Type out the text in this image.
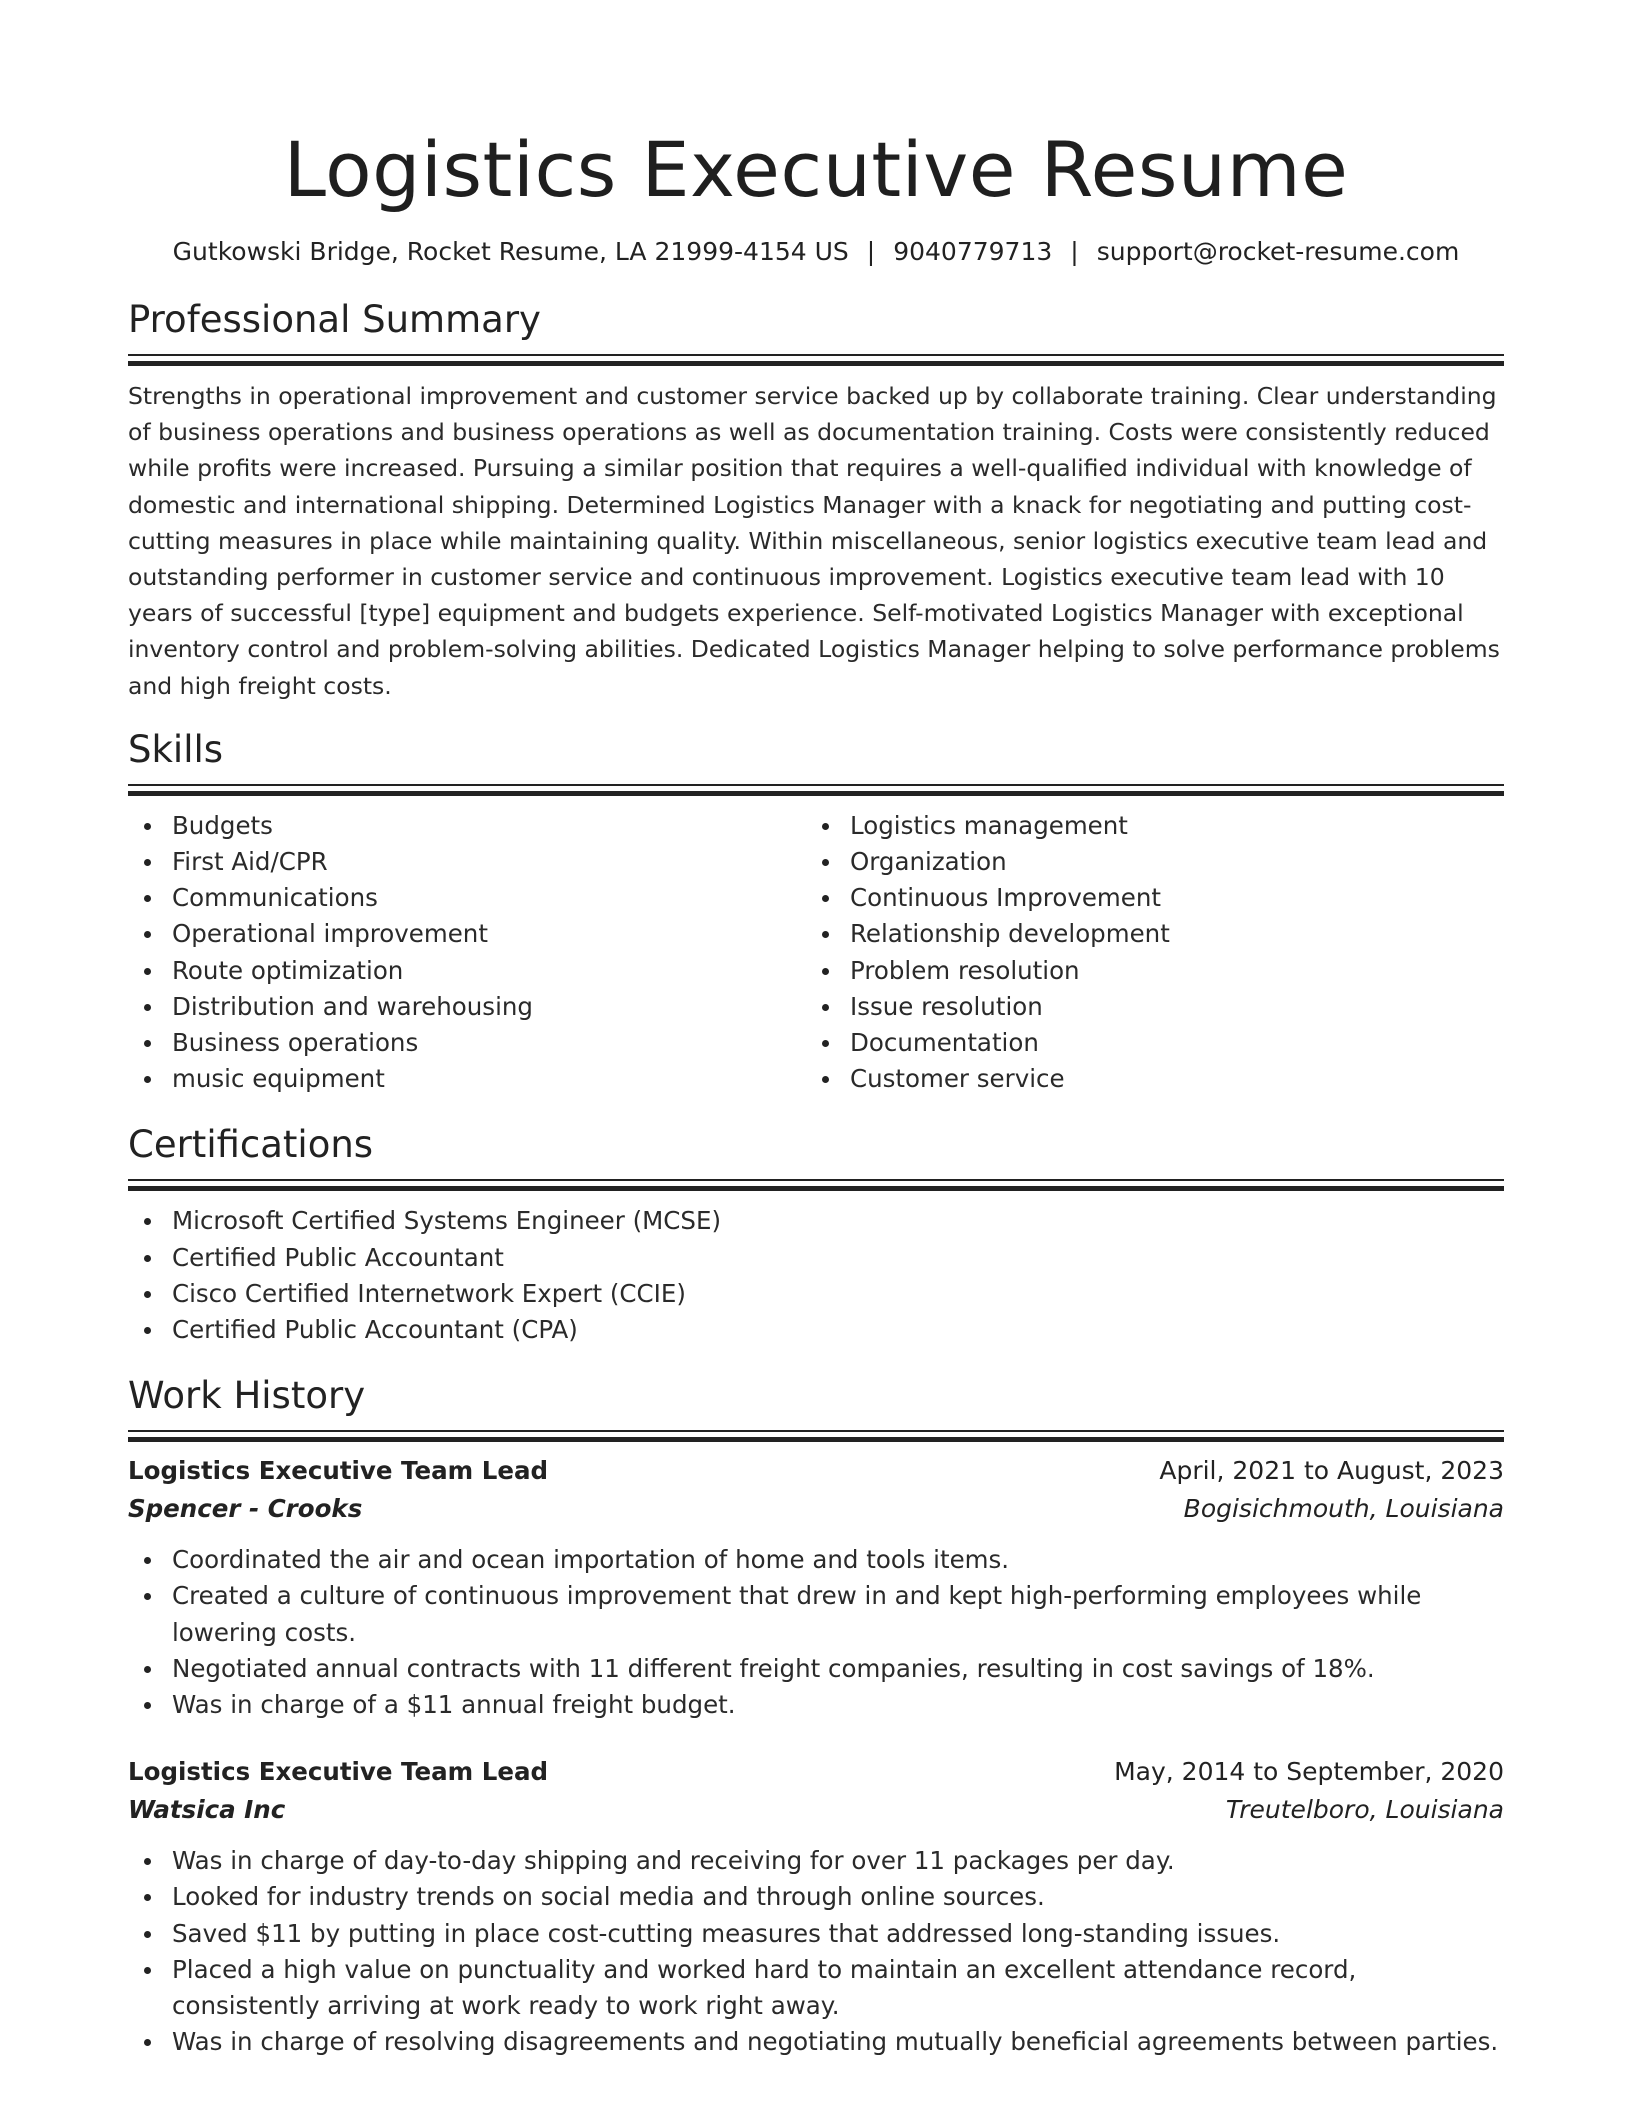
Logistics Executive Resume
Gutkowski Bridge, Rocket Resume, LA 21999-4154 US | 9040779713 | support@rocket-resume.com
Professional Summary
Strengths in operational improvement and customer service backed up by collaborate training. Clear understanding of business operations and business operations as well as documentation training. Costs were consistently reduced while profits were increased. Pursuing a similar position that requires a well-qualified individual with knowledge of domestic and international shipping. Determined Logistics Manager with a knack for negotiating and putting cost-cutting measures in place while maintaining quality. Within miscellaneous, senior logistics executive team lead and outstanding performer in customer service and continuous improvement. Logistics executive team lead with 10 years of successful [type] equipment and budgets experience. Self-motivated Logistics Manager with exceptional inventory control and problem-solving abilities. Dedicated Logistics Manager helping to solve performance problems and high freight costs.
Skills
Budgets
First Aid/CPR
Communications
Operational improvement
Route optimization
Distribution and warehousing
Business operations
music equipment
Logistics management
Organization
Continuous Improvement
Relationship development
Problem resolution
Issue resolution
Documentation
Customer service
Certifications
Microsoft Certified Systems Engineer (MCSE)
Certified Public Accountant
Cisco Certified Internetwork Expert (CCIE)
Certified Public Accountant (CPA)
Work History
Logistics Executive Team Lead	April, 2021 to August, 2023
Spencer - Crooks	Bogisichmouth, Louisiana
Coordinated the air and ocean importation of home and tools items.
Created a culture of continuous improvement that drew in and kept high-performing employees while lowering costs.
Negotiated annual contracts with 11 different freight companies, resulting in cost savings of 18%.
Was in charge of a $11 annual freight budget.
Logistics Executive Team Lead	May, 2014 to September, 2020
Watsica Inc	Treutelboro, Louisiana
Was in charge of day-to-day shipping and receiving for over 11 packages per day.
Looked for industry trends on social media and through online sources.
Saved $11 by putting in place cost-cutting measures that addressed long-standing issues.
Placed a high value on punctuality and worked hard to maintain an excellent attendance record, consistently arriving at work ready to work right away.
Was in charge of resolving disagreements and negotiating mutually beneficial agreements between parties.
